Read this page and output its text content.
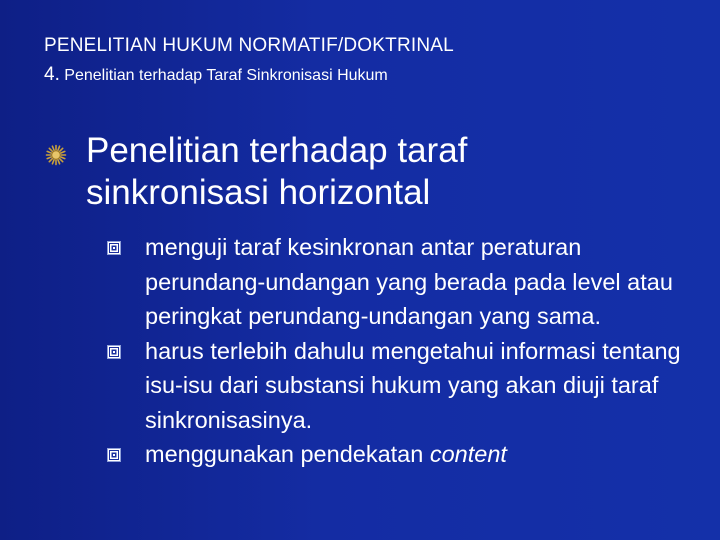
PENELITIAN HUKUM NORMATIF/DOKTRINAL

4. Penelitian terhadap Taraf Sinkronisasi Hukum

Penelitian terhadap taraf
sinkronisasi horizontal
menguji taraf kesinkronan antar peraturan perundang-undangan yang berada pada level atau peringkat perundang-undangan yang sama.
harus terlebih dahulu mengetahui informasi tentang isu-isu dari substansi hukum yang akan diuji taraf sinkronisasinya.
menggunakan pendekatan content
